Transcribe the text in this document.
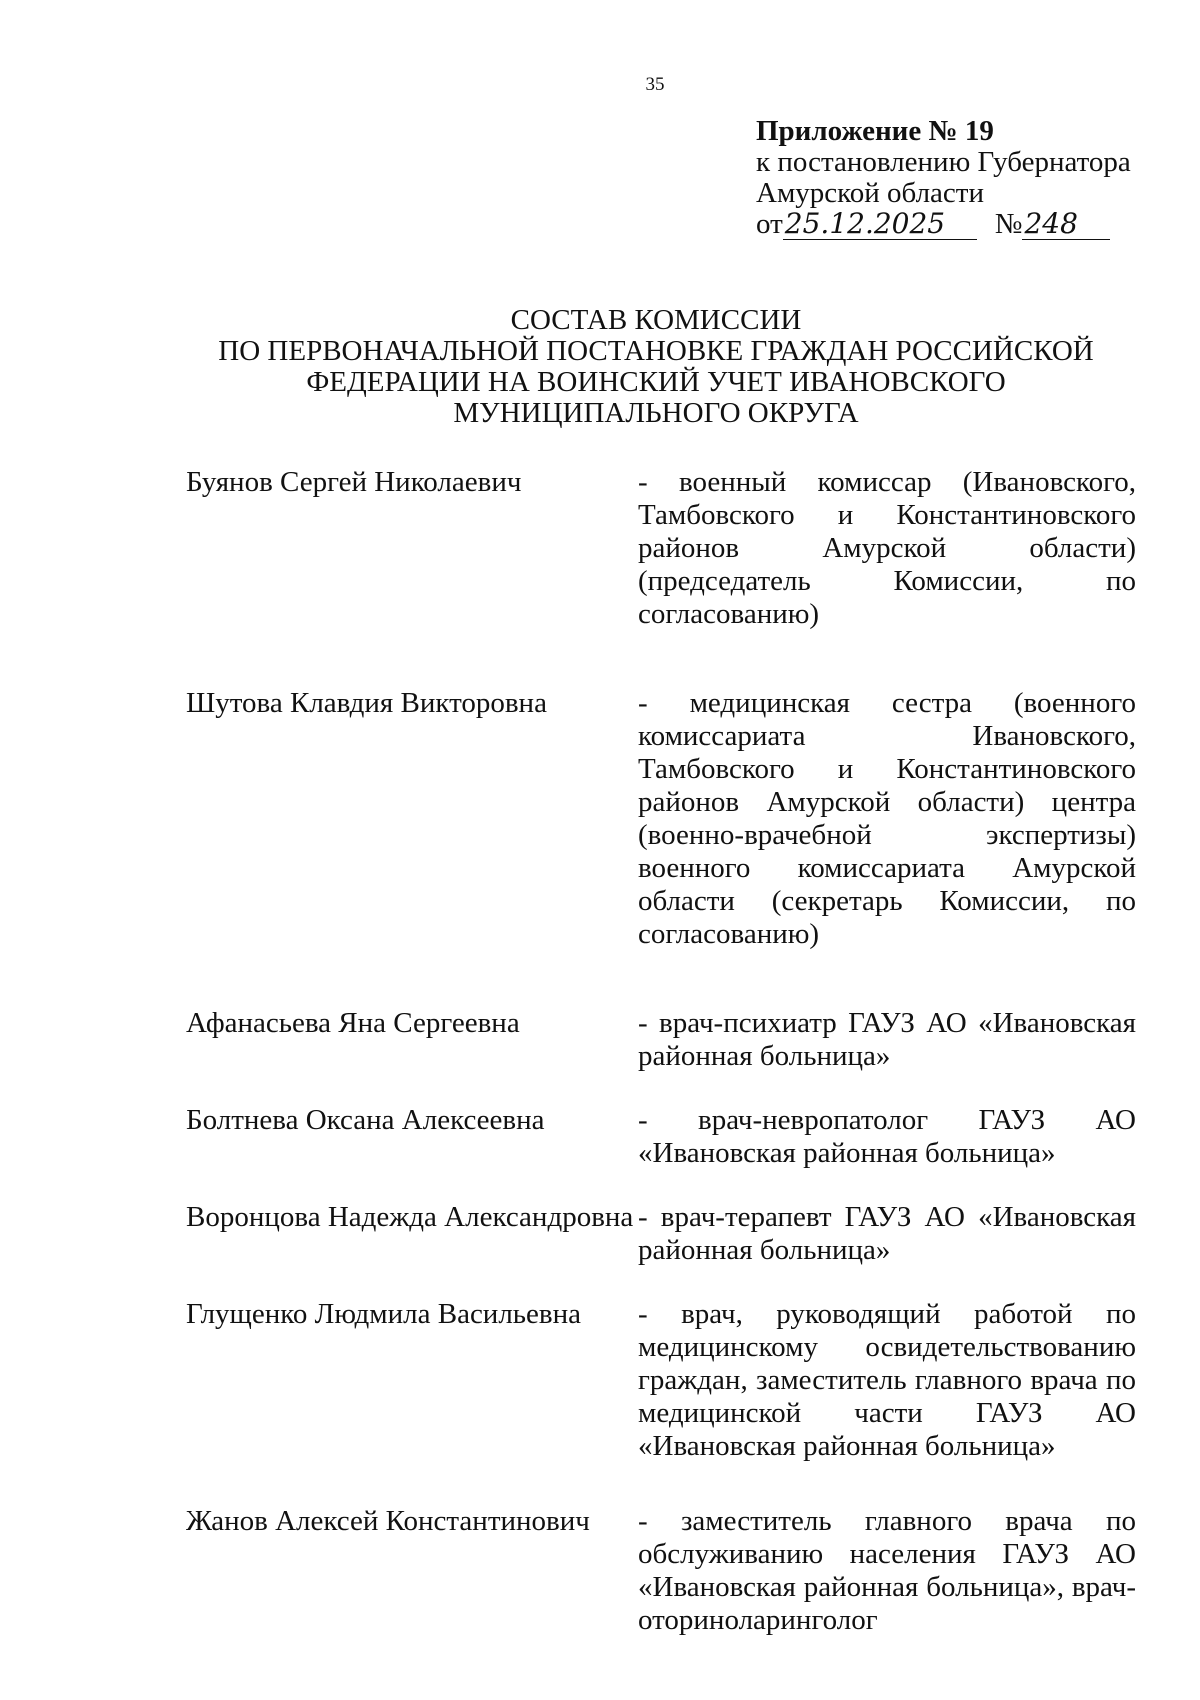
35
Приложение № 19
к постановлению Губернатора
Амурской области
от 25.12.2025	№ 248
СОСТАВ КОМИССИИ
ПО ПЕРВОНАЧАЛЬНОЙ ПОСТАНОВКЕ ГРАЖДАН РОССИЙСКОЙ
ФЕДЕРАЦИИ НА ВОИНСКИЙ УЧЕТ ИВАНОВСКОГО
МУНИЦИПАЛЬНОГО ОКРУГА
Буянов Сергей Николаевич	- военный комиссар (Ивановского, Тамбовского и Константиновского районов Амурской области) (председатель Комиссии, по согласованию)
Шутова Клавдия Викторовна	- медицинская сестра (военного комиссариата Ивановского, Тамбовского и Константиновского районов Амурской области) центра (военно-врачебной экспертизы) военного комиссариата Амурской области (секретарь Комиссии, по согласованию)
Афанасьева Яна Сергеевна	- врач-психиатр ГАУЗ АО «Ивановская районная больница»
Болтнева Оксана Алексеевна	- врач-невропатолог ГАУЗ АО «Ивановская районная больница»
Воронцова Надежда Александровна - врач-терапевт ГАУЗ АО «Ивановская районная больница»
Глущенко Людмила Васильевна	- врач, руководящий работой по медицинскому освидетельствованию граждан, заместитель главного врача по медицинской части ГАУЗ АО «Ивановская районная больница»
Жанов Алексей Константинович	- заместитель главного врача по обслуживанию населения ГАУЗ АО «Ивановская районная больница», врач-оториноларинголог
